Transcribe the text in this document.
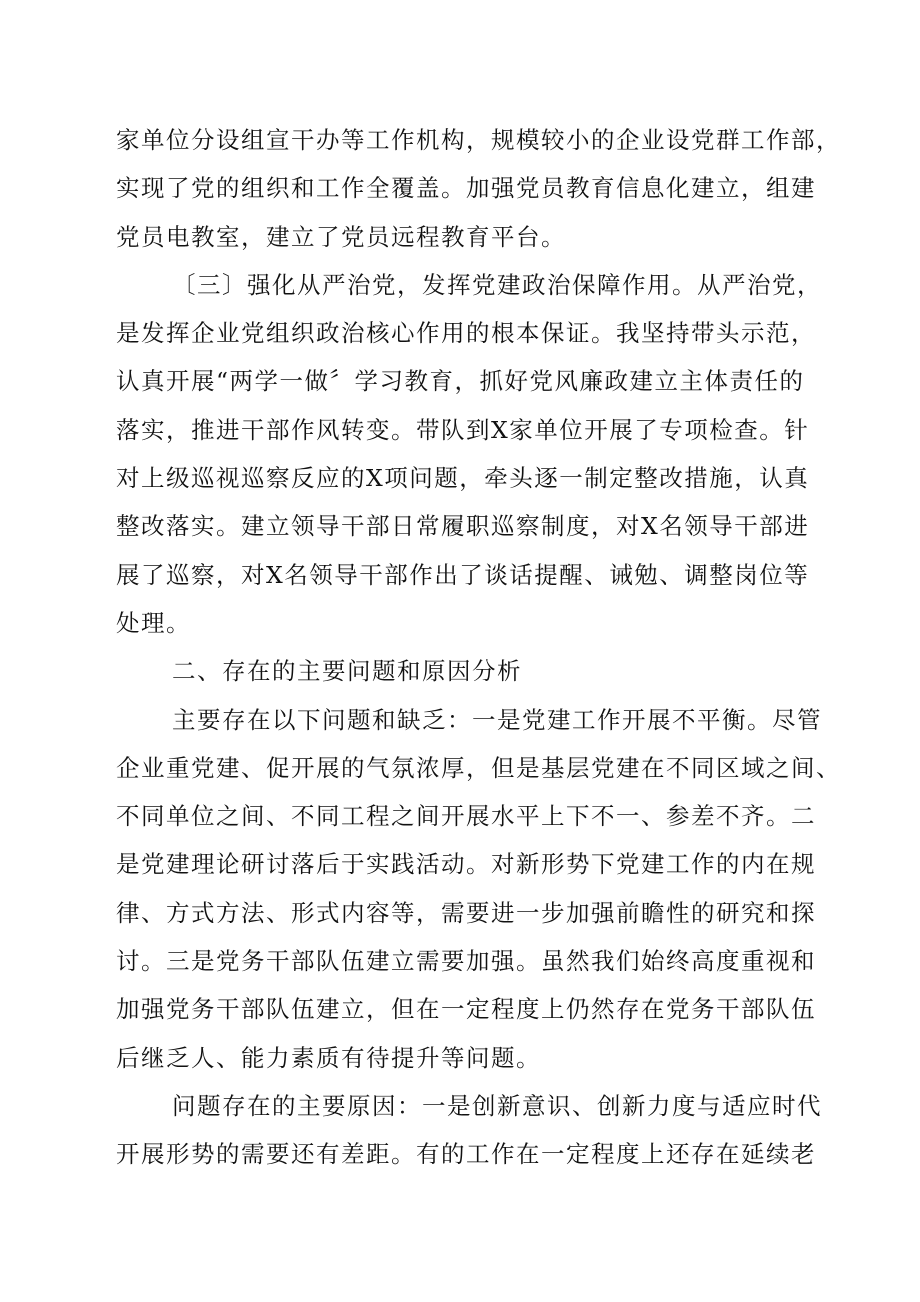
家单位分设组宣干办等工作机构，规模较小的企业设党群工作部，
实现了党的组织和工作全覆盖。加强党员教育信息化建立，组建
党员电教室，建立了党员远程教育平台。
〔三〕强化从严治党，发挥党建政治保障作用。从严治党，
是发挥企业党组织政治核心作用的根本保证。我坚持带头示范，
认真开展“两学一做〞学习教育，抓好党风廉政建立主体责任的
落实，推进干部作风转变。带队到X家单位开展了专项检查。针
对上级巡视巡察反应的X项问题，牵头逐一制定整改措施，认真
整改落实。建立领导干部日常履职巡察制度，对X名领导干部进
展了巡察，对X名领导干部作出了谈话提醒、诫勉、调整岗位等
处理。
二、存在的主要问题和原因分析
主要存在以下问题和缺乏：一是党建工作开展不平衡。尽管
企业重党建、促开展的气氛浓厚，但是基层党建在不同区域之间、
不同单位之间、不同工程之间开展水平上下不一、参差不齐。二
是党建理论研讨落后于实践活动。对新形势下党建工作的内在规
律、方式方法、形式内容等，需要进一步加强前瞻性的研究和探
讨。三是党务干部队伍建立需要加强。虽然我们始终高度重视和
加强党务干部队伍建立，但在一定程度上仍然存在党务干部队伍
后继乏人、能力素质有待提升等问题。
问题存在的主要原因：一是创新意识、创新力度与适应时代
开展形势的需要还有差距。有的工作在一定程度上还存在延续老
